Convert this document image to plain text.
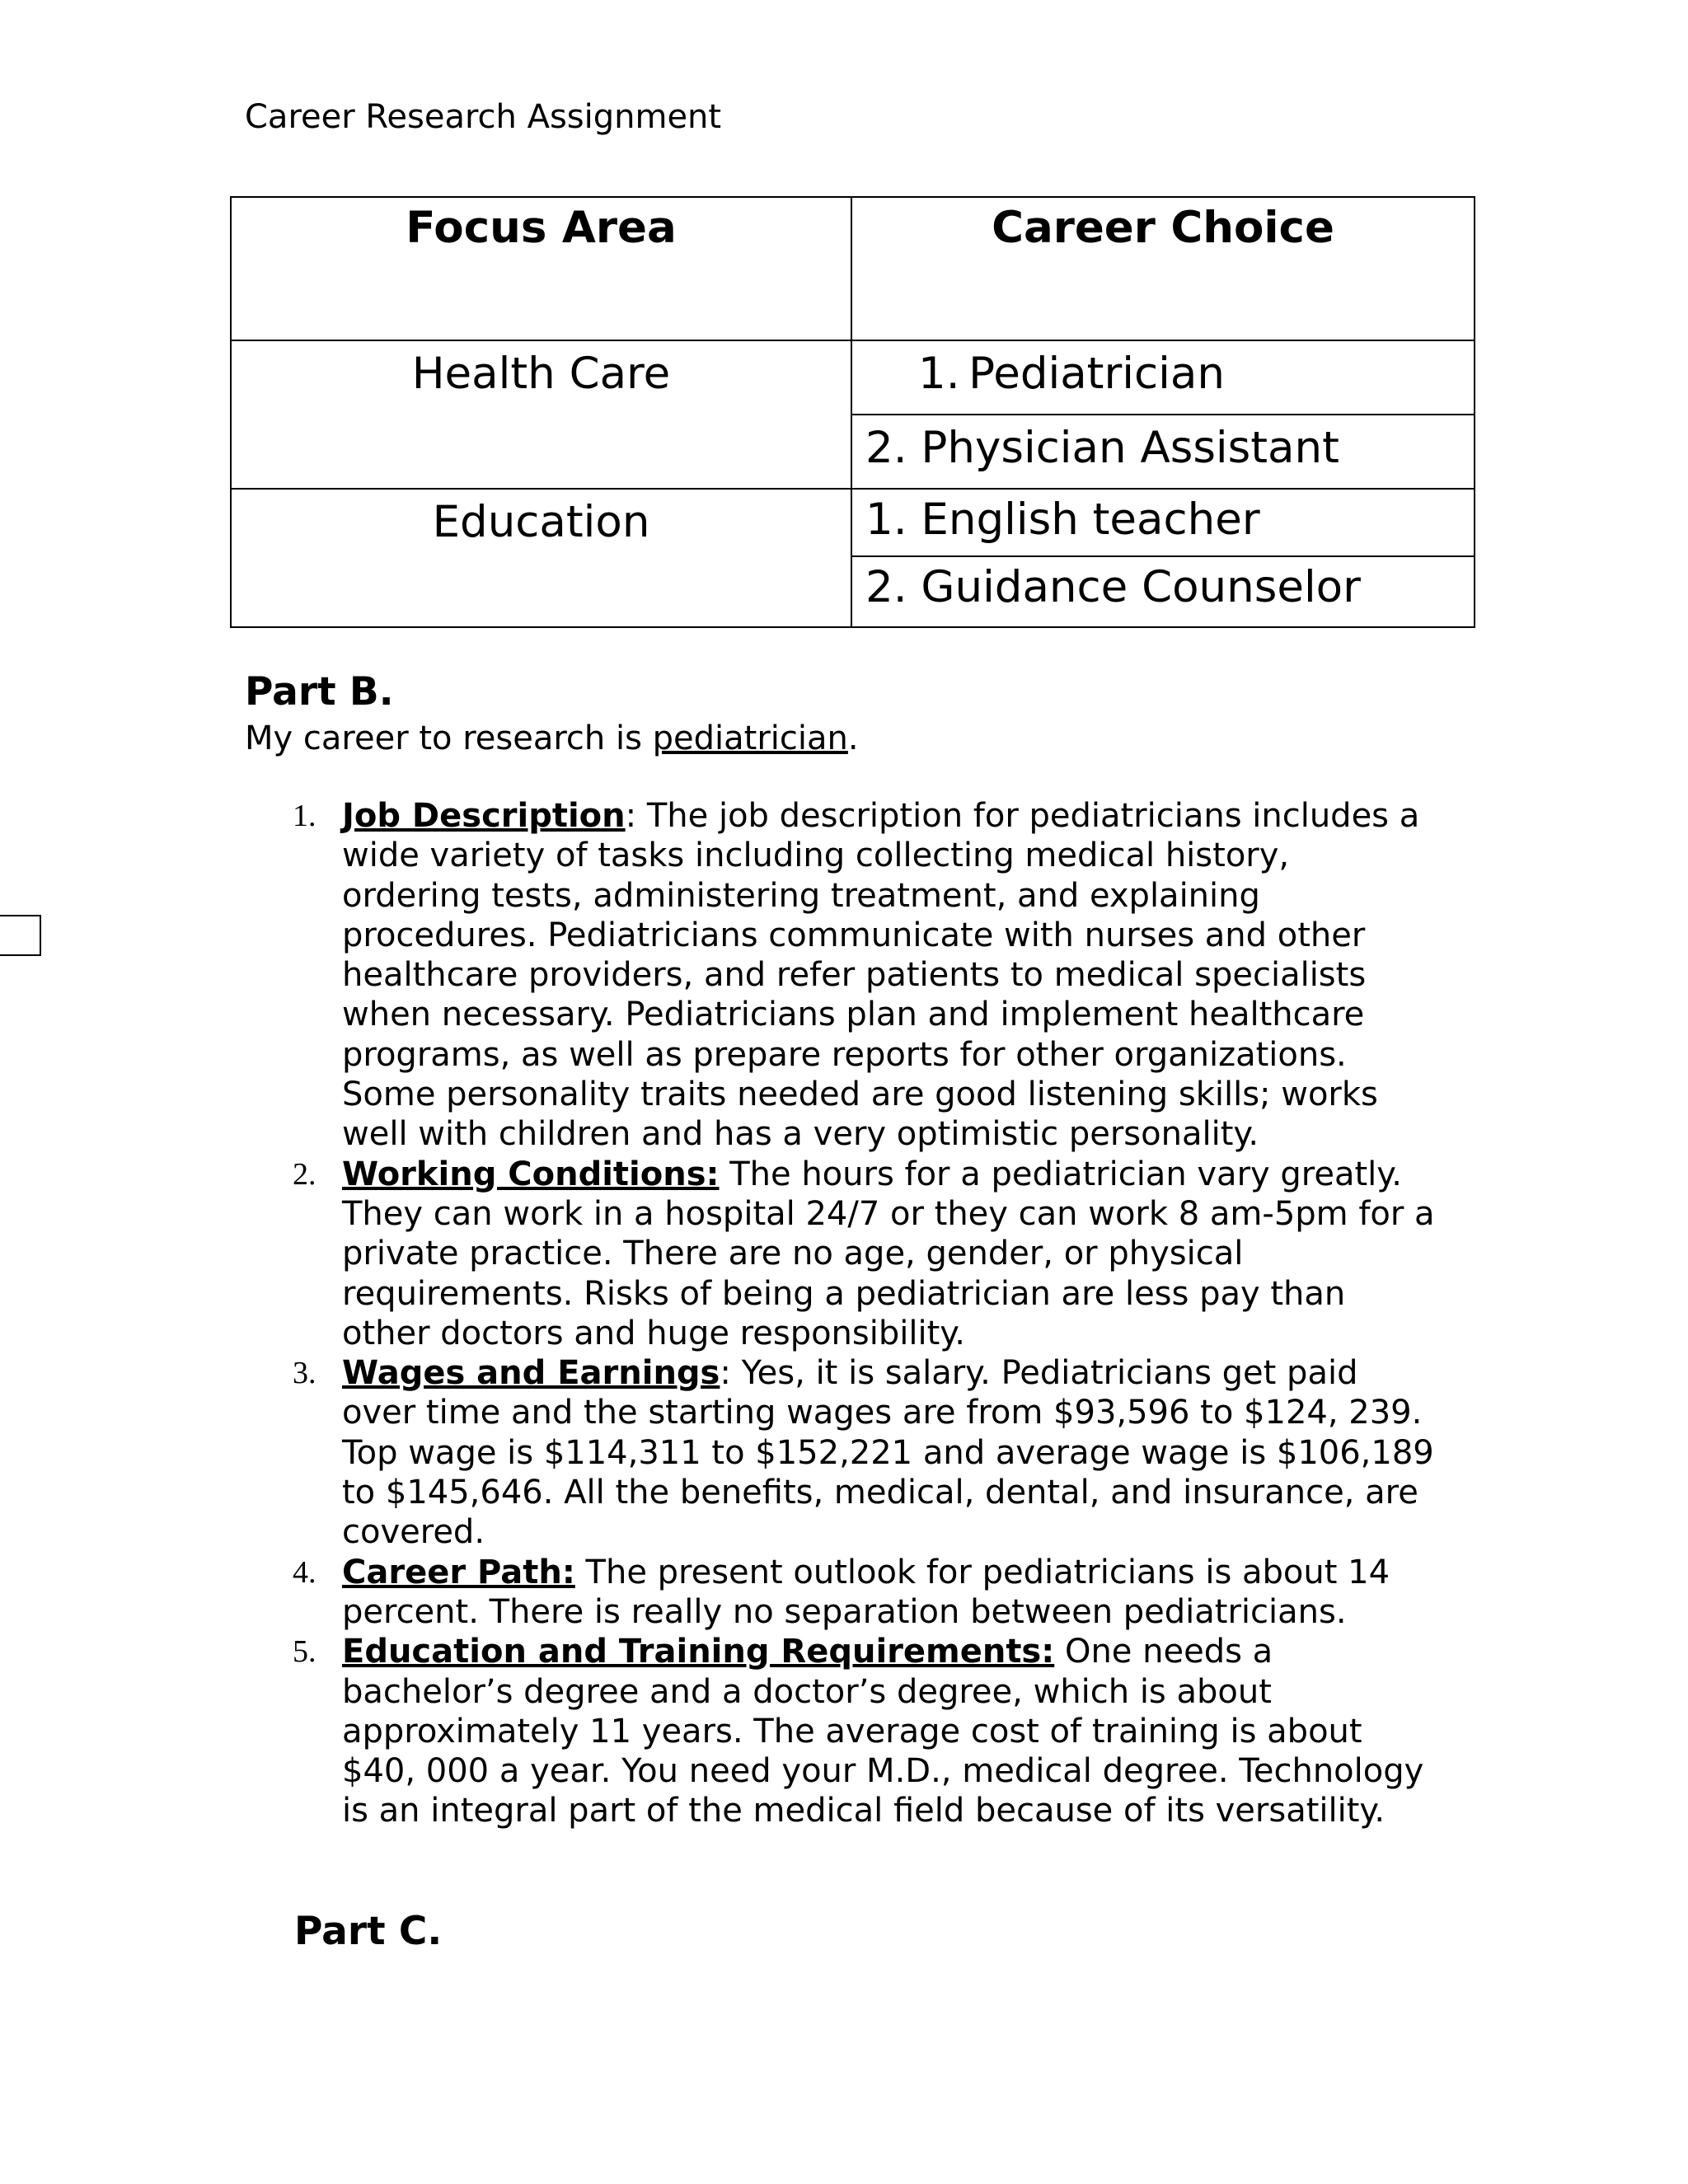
Career Research Assignment
Focus Area	Career Choice

Health Care	1. Pediatrician

	2. Physician Assistant

Education	1. English teacher

	2. Guidance Counselor
Part B.
My career to research is pediatrician.
1. Job Description: The job description for pediatricians includes a wide variety of tasks including collecting medical history, ordering tests, administering treatment, and explaining procedures. Pediatricians communicate with nurses and other healthcare providers, and refer patients to medical specialists when necessary. Pediatricians plan and implement healthcare programs, as well as prepare reports for other organizations. Some personality traits needed are good listening skills; works well with children and has a very optimistic personality.
2. Working Conditions: The hours for a pediatrician vary greatly. They can work in a hospital 24/7 or they can work 8 am-5pm for a private practice. There are no age, gender, or physical requirements. Risks of being a pediatrician are less pay than other doctors and huge responsibility.
3. Wages and Earnings: Yes, it is salary. Pediatricians get paid over time and the starting wages are from $93,596 to $124, 239. Top wage is $114,311 to $152,221 and average wage is $106,189 to $145,646. All the benefits, medical, dental, and insurance, are covered.
4. Career Path: The present outlook for pediatricians is about 14 percent. There is really no separation between pediatricians.
5. Education and Training Requirements: One needs a bachelor’s degree and a doctor’s degree, which is about approximately 11 years. The average cost of training is about $40, 000 a year. You need your M.D., medical degree. Technology is an integral part of the medical field because of its versatility.
Part C.
